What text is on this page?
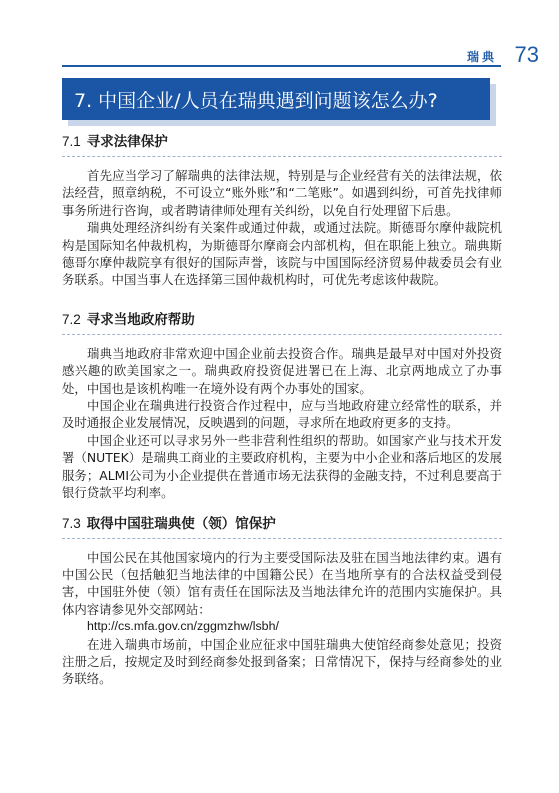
瑞典 73
7. 中国企业/人员在瑞典遇到问题该怎么办?
7.1 寻求法律保护

首先应当学习了解瑞典的法律法规，特别是与企业经营有关的法律法规，依法经营，照章纳税，不可设立“账外账”和“二笔账”。如遇到纠纷，可首先找律师事务所进行咨询，或者聘请律师处理有关纠纷，以免自行处理留下后患。

瑞典处理经济纠纷有关案件或通过仲裁，或通过法院。斯德哥尔摩仲裁院机构是国际知名仲裁机构，为斯德哥尔摩商会内部机构，但在职能上独立。瑞典斯德哥尔摩仲裁院享有很好的国际声誉，该院与中国国际经济贸易仲裁委员会有业务联系。中国当事人在选择第三国仲裁机构时，可优先考虑该仲裁院。

7.2 寻求当地政府帮助

瑞典当地政府非常欢迎中国企业前去投资合作。瑞典是最早对中国对外投资感兴趣的欧美国家之一。瑞典政府投资促进署已在上海、北京两地成立了办事处，中国也是该机构唯一在境外设有两个办事处的国家。

中国企业在瑞典进行投资合作过程中，应与当地政府建立经常性的联系，并及时通报企业发展情况，反映遇到的问题，寻求所在地政府更多的支持。

中国企业还可以寻求另外一些非营利性组织的帮助。如国家产业与技术开发署（NUTEK）是瑞典工商业的主要政府机构，主要为中小企业和落后地区的发展服务；ALMI公司为小企业提供在普通市场无法获得的金融支持，不过利息要高于银行贷款平均利率。

7.3 取得中国驻瑞典使（领）馆保护

中国公民在其他国家境内的行为主要受国际法及驻在国当地法律约束。遇有中国公民（包括触犯当地法律的中国籍公民）在当地所享有的合法权益受到侵害，中国驻外使（领）馆有责任在国际法及当地法律允许的范围内实施保护。具体内容请参见外交部网站：

http://cs.mfa.gov.cn/zggmzhw/lsbh/

在进入瑞典市场前，中国企业应征求中国驻瑞典大使馆经商参处意见；投资注册之后，按规定及时到经商参处报到备案；日常情况下，保持与经商参处的业务联络。
